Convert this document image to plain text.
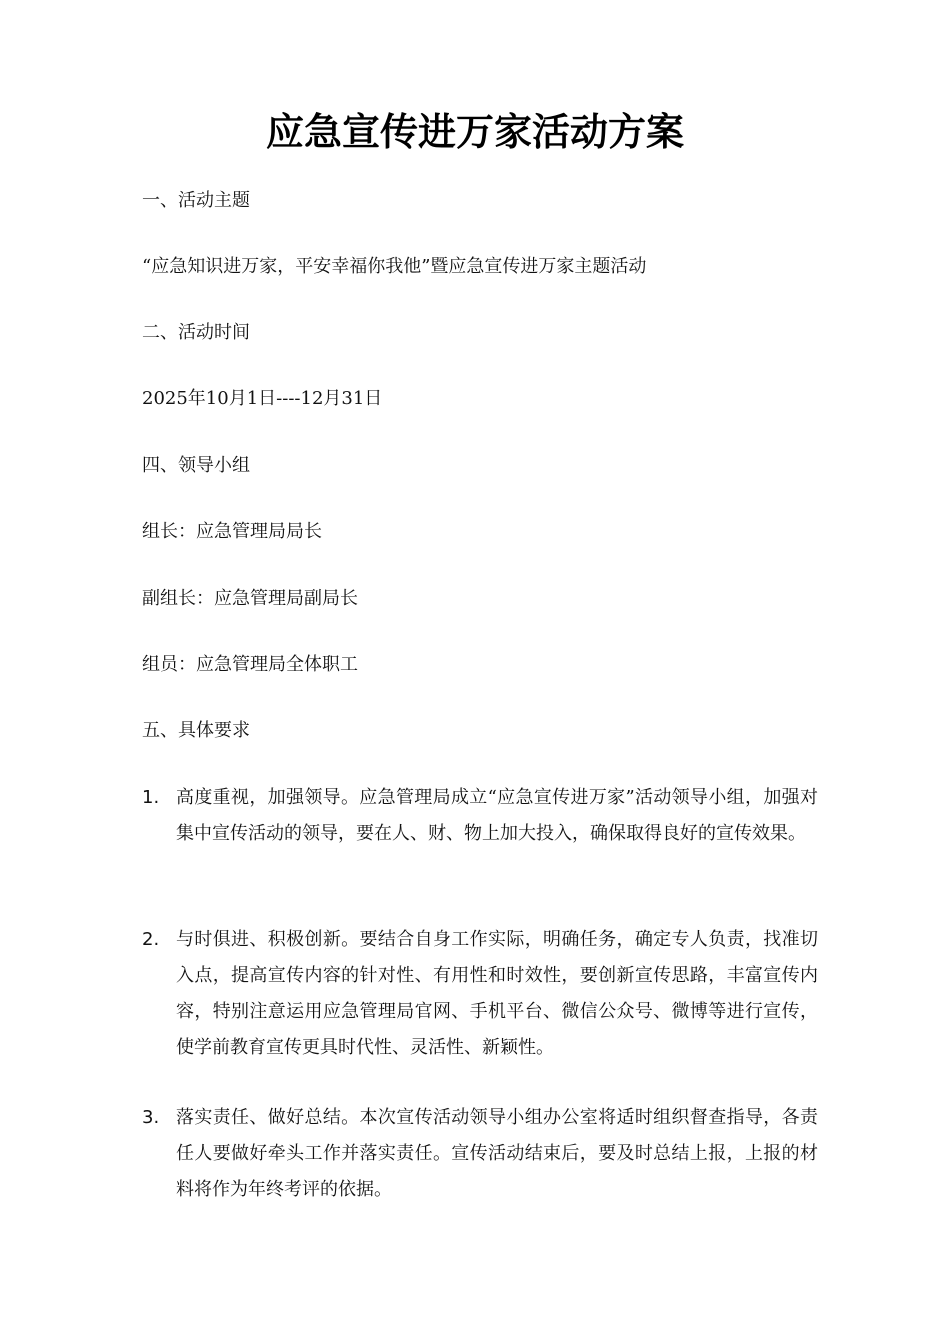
应急宣传进万家活动方案
一、活动主题
“应急知识进万家，平安幸福你我他”暨应急宣传进万家主题活动
二、活动时间
2025年10月1日----12月31日
四、领导小组
组长：应急管理局局长
副组长：应急管理局副局长
组员：应急管理局全体职工
五、具体要求
1. 高度重视，加强领导。应急管理局成立“应急宣传进万家”活动领导小组，加强对集中宣传活动的领导，要在人、财、物上加大投入，确保取得良好的宣传效果。
2. 与时俱进、积极创新。要结合自身工作实际，明确任务，确定专人负责，找准切入点，提高宣传内容的针对性、有用性和时效性，要创新宣传思路，丰富宣传内容，特别注意运用应急管理局官网、手机平台、微信公众号、微博等进行宣传，使学前教育宣传更具时代性、灵活性、新颖性。
3. 落实责任、做好总结。本次宣传活动领导小组办公室将适时组织督查指导，各责任人要做好牵头工作并落实责任。宣传活动结束后，要及时总结上报，上报的材料将作为年终考评的依据。
